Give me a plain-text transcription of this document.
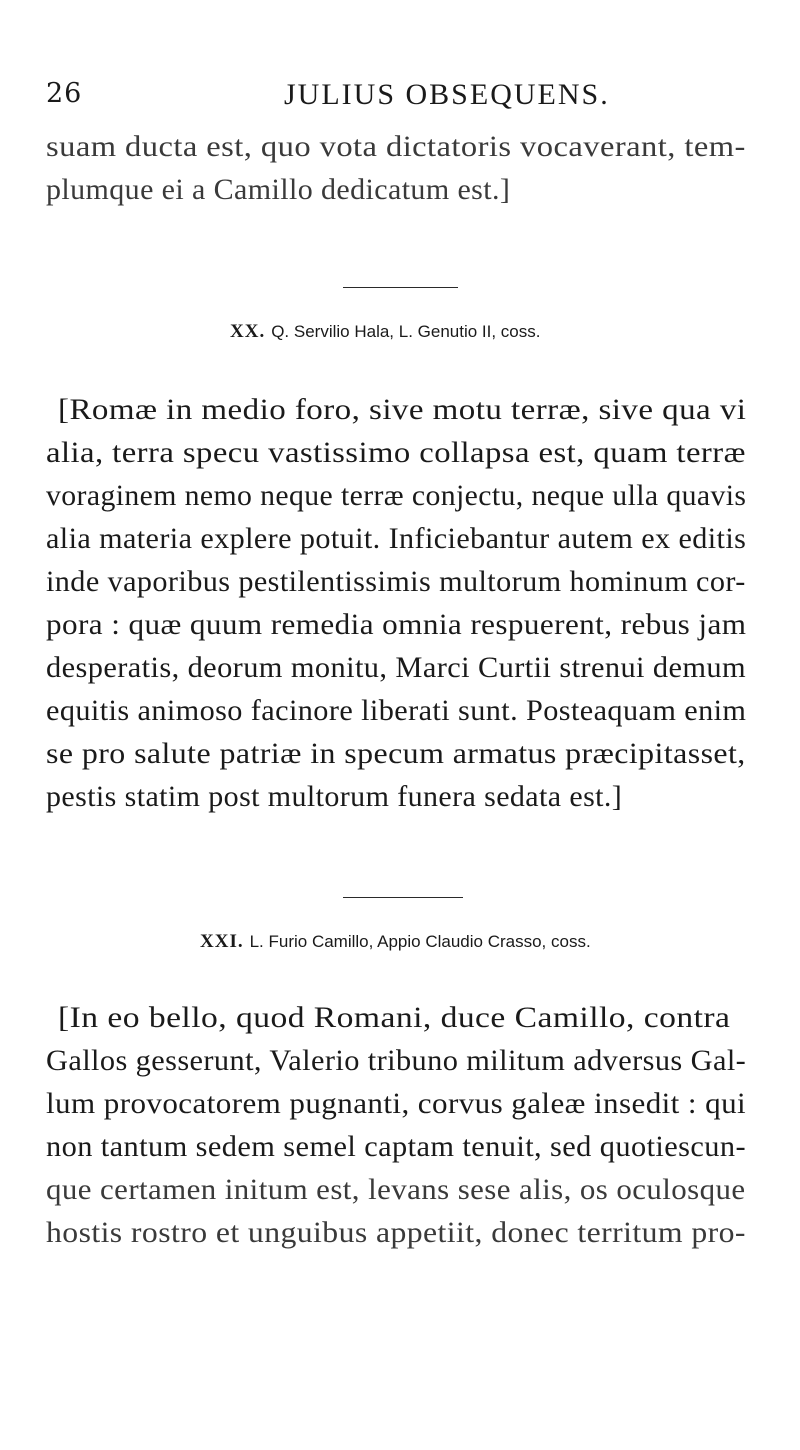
26	JULIUS OBSEQUENS.
suam ducta est, quo vota dictatoris vocaverant, tem-
plumque ei a Camillo dedicatum est.]
XX. Q. Servilio Hala, L. Genutio II, coss.
[Romæ in medio foro, sive motu terræ, sive qua vi
alia, terra specu vastissimo collapsa est, quam terræ
voraginem nemo neque terræ conjectu, neque ulla quavis
alia materia explere potuit. Inficiebantur autem ex editis
inde vaporibus pestilentissimis multorum hominum cor-
pora : quæ quum remedia omnia respuerent, rebus jam
desperatis, deorum monitu, Marci Curtii strenui demum
equitis animoso facinore liberati sunt. Posteaquam enim
se pro salute patriæ in specum armatus præcipitasset,
pestis statim post multorum funera sedata est.]
XXI. L. Furio Camillo, Appio Claudio Crasso, coss.
[In eo bello, quod Romani, duce Camillo, contra
Gallos gesserunt, Valerio tribuno militum adversus Gal-
lum provocatorem pugnanti, corvus galeæ insedit : qui
non tantum sedem semel captam tenuit, sed quotiescun-
que certamen initum est, levans sese alis, os oculosque
hostis rostro et unguibus appetiit, donec territum pro-
